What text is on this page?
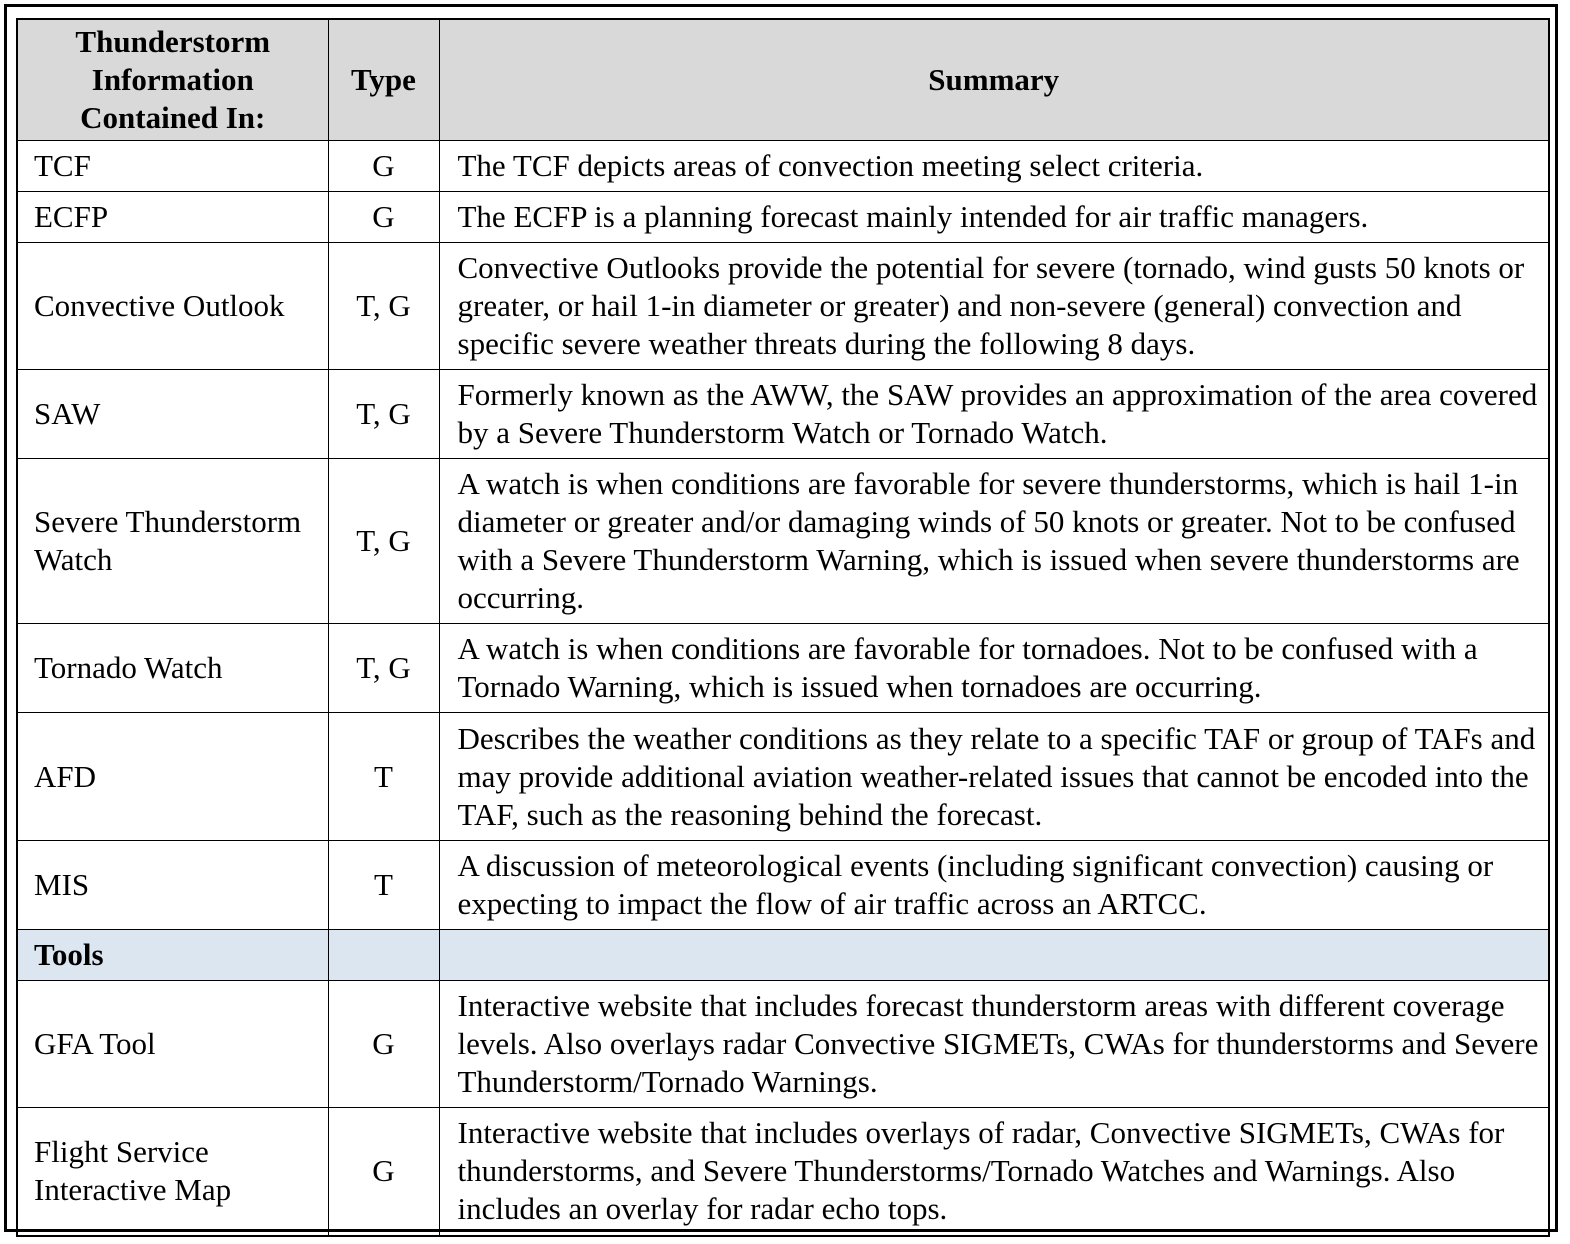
Thunderstorm Information Contained In:	Type	Summary
TCF	G	The TCF depicts areas of convection meeting select criteria.
ECFP	G	The ECFP is a planning forecast mainly intended for air traffic managers.
Convective Outlook	T, G	Convective Outlooks provide the potential for severe (tornado, wind gusts 50 knots or greater, or hail 1-in diameter or greater) and non-severe (general) convection and specific severe weather threats during the following 8 days.
SAW	T, G	Formerly known as the AWW, the SAW provides an approximation of the area covered by a Severe Thunderstorm Watch or Tornado Watch.
Severe Thunderstorm Watch	T, G	A watch is when conditions are favorable for severe thunderstorms, which is hail 1-in diameter or greater and/or damaging winds of 50 knots or greater. Not to be confused with a Severe Thunderstorm Warning, which is issued when severe thunderstorms are occurring.
Tornado Watch	T, G	A watch is when conditions are favorable for tornadoes. Not to be confused with a Tornado Warning, which is issued when tornadoes are occurring.
AFD	T	Describes the weather conditions as they relate to a specific TAF or group of TAFs and may provide additional aviation weather-related issues that cannot be encoded into the TAF, such as the reasoning behind the forecast.
MIS	T	A discussion of meteorological events (including significant convection) causing or expecting to impact the flow of air traffic across an ARTCC.
Tools		
GFA Tool	G	Interactive website that includes forecast thunderstorm areas with different coverage levels. Also overlays radar Convective SIGMETs, CWAs for thunderstorms and Severe Thunderstorm/Tornado Warnings.
Flight Service Interactive Map	G	Interactive website that includes overlays of radar, Convective SIGMETs, CWAs for thunderstorms, and Severe Thunderstorms/Tornado Watches and Warnings. Also includes an overlay for radar echo tops.
